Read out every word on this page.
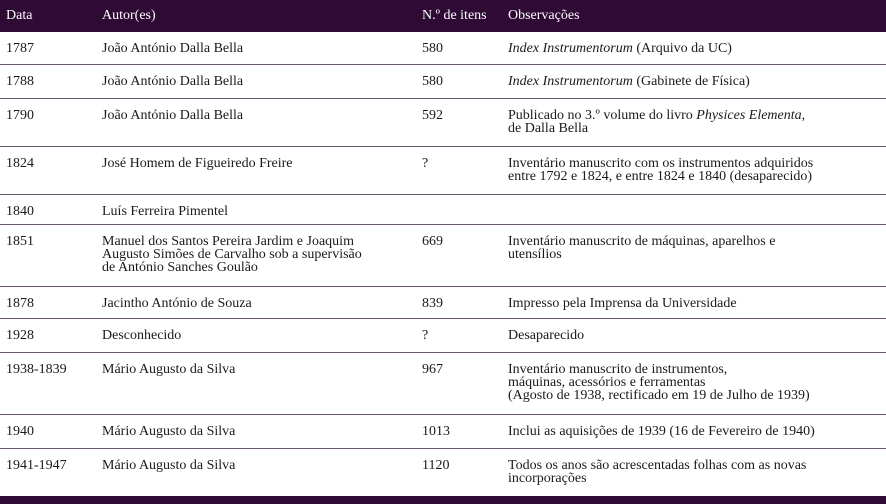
Data	Autor(es)	N.º de itens	Observações
1787	João António Dalla Bella	580	Index Instrumentorum (Arquivo da UC)
1788	João António Dalla Bella	580	Index Instrumentorum (Gabinete de Física)
1790	João António Dalla Bella	592	Publicado no 3.º volume do livro Physices Elementa,
de Dalla Bella
1824	José Homem de Figueiredo Freire	?	Inventário manuscrito com os instrumentos adquiridos
entre 1792 e 1824, e entre 1824 e 1840 (desaparecido)
1840	Luís Ferreira Pimentel		
1851	Manuel dos Santos Pereira Jardim e Joaquim
Augusto Simões de Carvalho sob a supervisão
de António Sanches Goulão	669	Inventário manuscrito de máquinas, aparelhos e
utensílios
1878	Jacintho António de Souza	839	Impresso pela Imprensa da Universidade
1928	Desconhecido	?	Desaparecido
1938-1839	Mário Augusto da Silva	967	Inventário manuscrito de instrumentos,
máquinas, acessórios e ferramentas
(Agosto de 1938, rectificado em 19 de Julho de 1939)
1940	Mário Augusto da Silva	1013	Inclui as aquisições de 1939 (16 de Fevereiro de 1940)
1941-1947	Mário Augusto da Silva	1120	Todos os anos são acrescentadas folhas com as novas
incorporações
